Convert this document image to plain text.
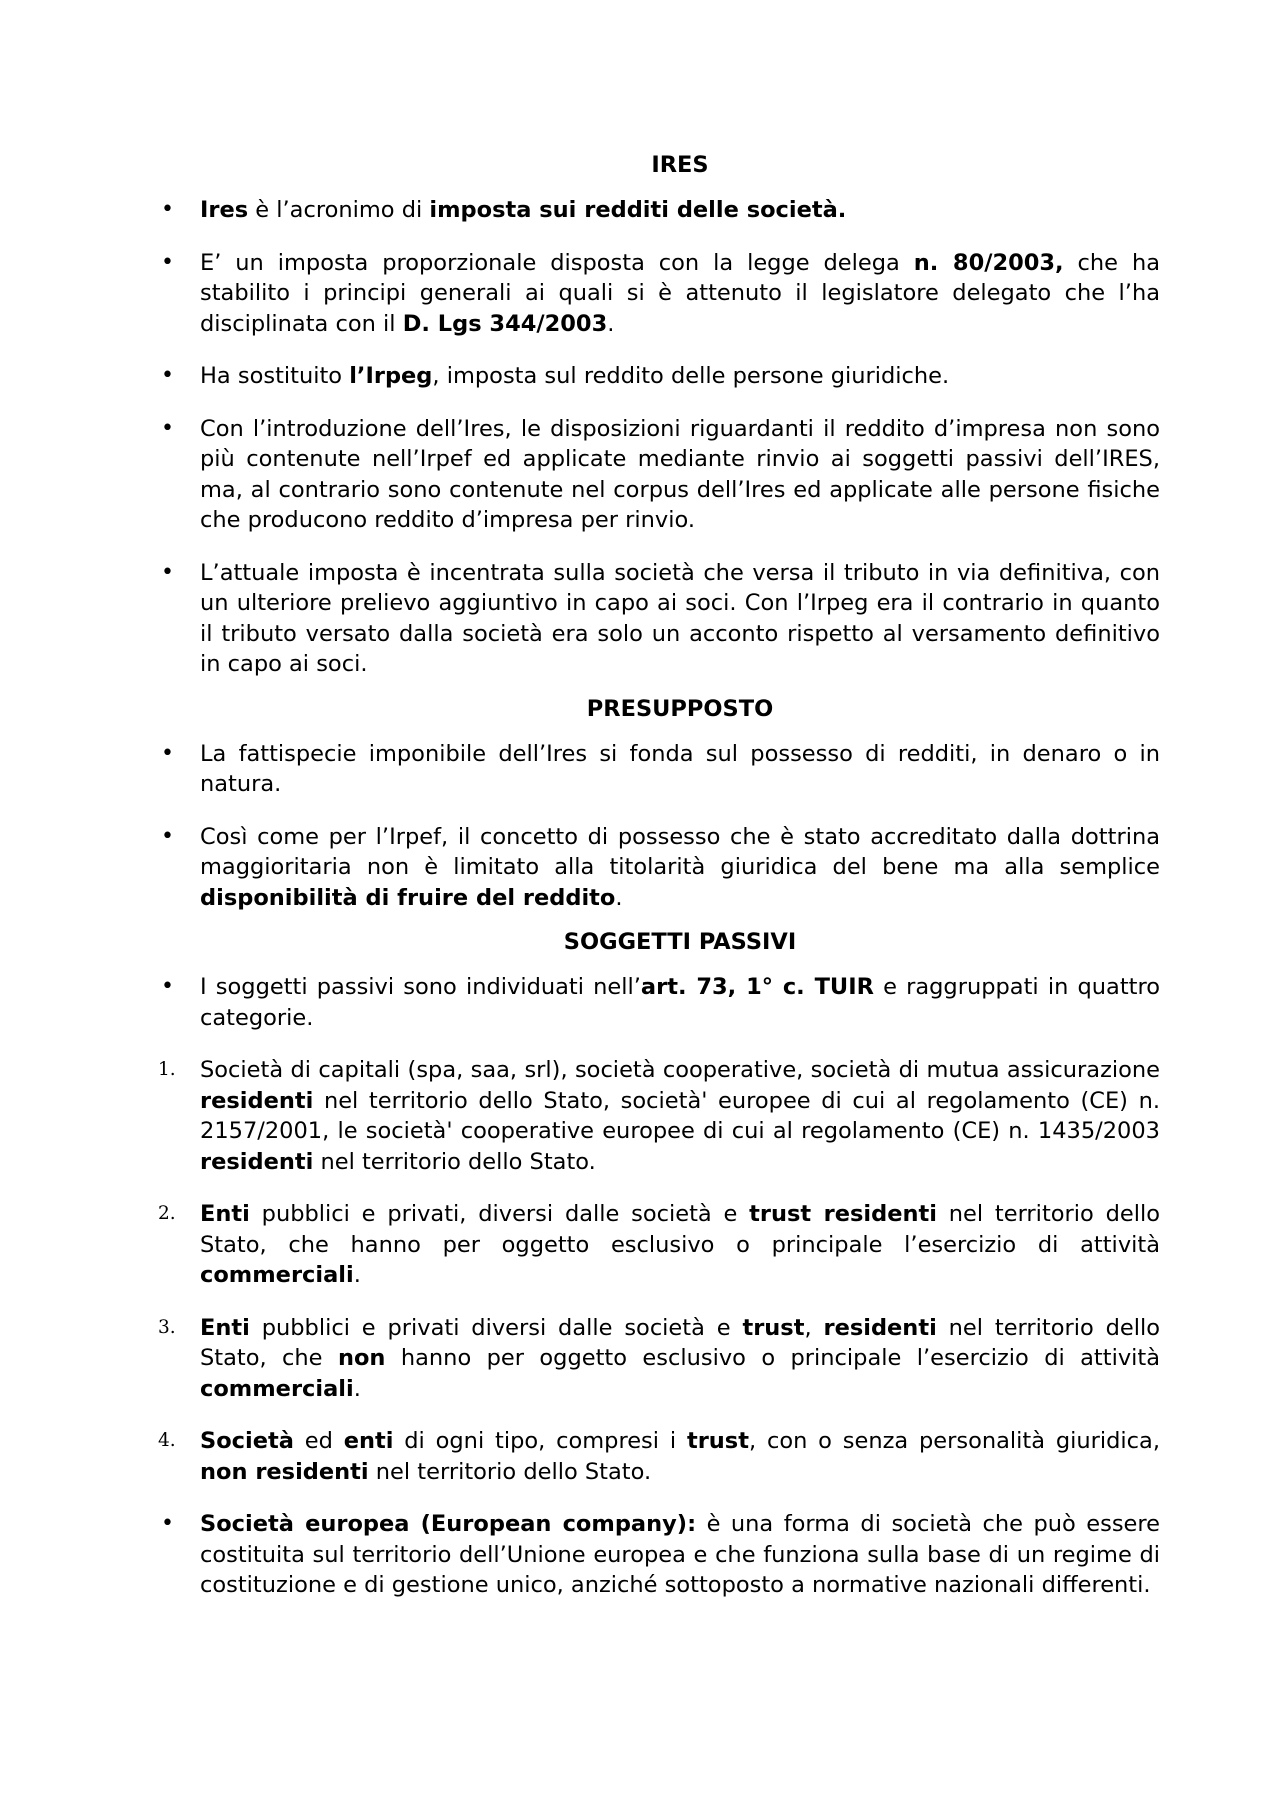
IRES
• Ires è l’acronimo di imposta sui redditi delle società.
• E’ un imposta proporzionale disposta con la legge delega n. 80/2003, che ha stabilito i principi generali ai quali si è attenuto il legislatore delegato che l’ha disciplinata con il D. Lgs 344/2003.
• Ha sostituito l’Irpeg, imposta sul reddito delle persone giuridiche.
• Con l’introduzione dell’Ires, le disposizioni riguardanti il reddito d’impresa non sono più contenute nell’Irpef ed applicate mediante rinvio ai soggetti passivi dell’IRES, ma, al contrario sono contenute nel corpus dell’Ires ed applicate alle persone fisiche che producono reddito d’impresa per rinvio.
• L’attuale imposta è incentrata sulla società che versa il tributo in via definitiva, con un ulteriore prelievo aggiuntivo in capo ai soci. Con l’Irpeg era il contrario in quanto il tributo versato dalla società era solo un acconto rispetto al versamento definitivo in capo ai soci.
PRESUPPOSTO
• La fattispecie imponibile dell’Ires si fonda sul possesso di redditi, in denaro o in natura.
• Così come per l’Irpef, il concetto di possesso che è stato accreditato dalla dottrina maggioritaria non è limitato alla titolarità giuridica del bene ma alla semplice disponibilità di fruire del reddito.
SOGGETTI PASSIVI
• I soggetti passivi sono individuati nell’art. 73, 1° c. TUIR e raggruppati in quattro categorie.
1. Società di capitali (spa, saa, srl), società cooperative, società di mutua assicurazione residenti nel territorio dello Stato, società' europee di cui al regolamento (CE) n. 2157/2001, le società' cooperative europee di cui al regolamento (CE) n. 1435/2003 residenti nel territorio dello Stato.
2. Enti pubblici e privati, diversi dalle società e trust residenti nel territorio dello Stato, che hanno per oggetto esclusivo o principale l’esercizio di attività commerciali.
3. Enti pubblici e privati diversi dalle società e trust, residenti nel territorio dello Stato, che non hanno per oggetto esclusivo o principale l’esercizio di attività commerciali.
4. Società ed enti di ogni tipo, compresi i trust, con o senza personalità giuridica, non residenti nel territorio dello Stato.
• Società europea (European company): è una forma di società che può essere costituita sul territorio dell’Unione europea e che funziona sulla base di un regime di costituzione e di gestione unico, anziché sottoposto a normative nazionali differenti.
